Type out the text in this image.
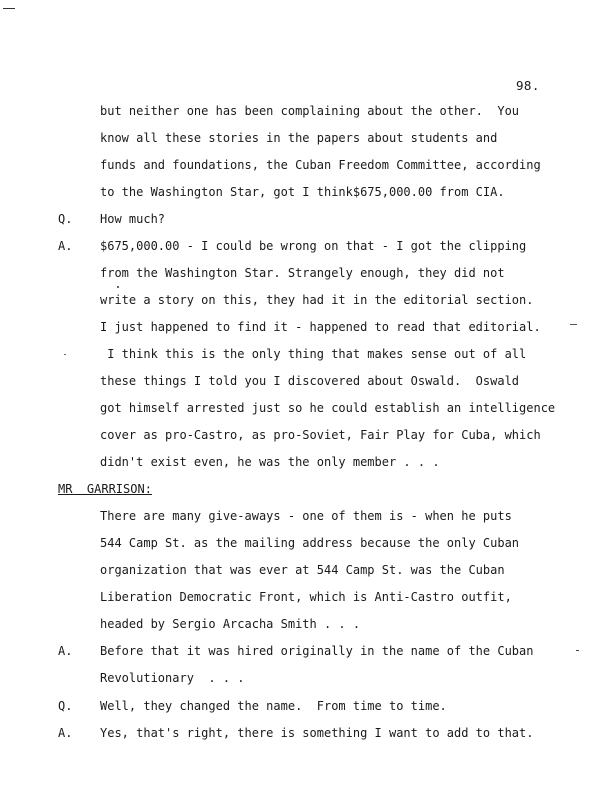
98.
but neither one has been complaining about the other.  You
know all these stories in the papers about students and
funds and foundations, the Cuban Freedom Committee, according
to the Washington Star, got I think$675,000.00 from CIA.
Q. How much?
A. $675,000.00 - I could be wrong on that - I got the clipping
from the Washington Star. Strangely enough, they did not
write a story on this, they had it in the editorial section.
I just happened to find it - happened to read that editorial.
I think this is the only thing that makes sense out of all
these things I told you I discovered about Oswald.  Oswald
got himself arrested just so he could establish an intelligence
cover as pro-Castro, as pro-Soviet, Fair Play for Cuba, which
didn't exist even, he was the only member . . .
MR  GARRISON:
There are many give-aways - one of them is - when he puts
544 Camp St. as the mailing address because the only Cuban
organization that was ever at 544 Camp St. was the Cuban
Liberation Democratic Front, which is Anti-Castro outfit,
headed by Sergio Arcacha Smith . . .
A. Before that it was hired originally in the name of the Cuban
Revolutionary  . . .
Q. Well, they changed the name.  From time to time.
A. Yes, that's right, there is something I want to add to that.
